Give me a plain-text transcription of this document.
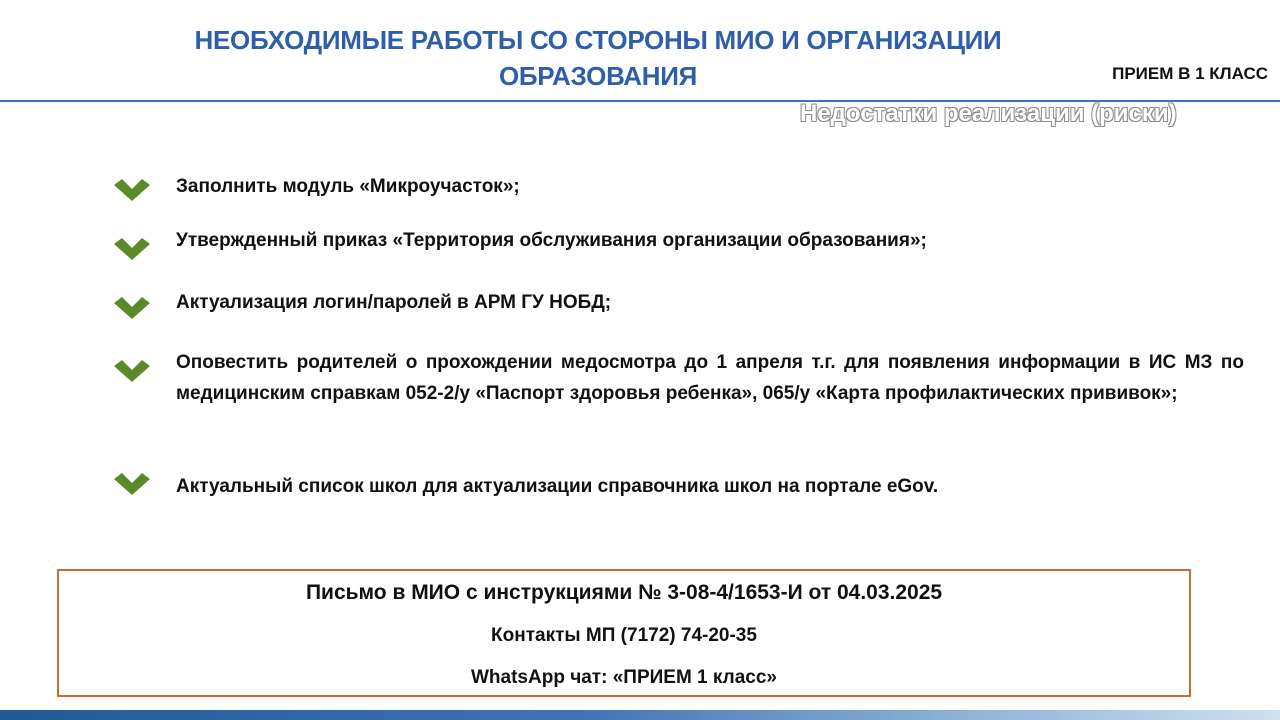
НЕОБХОДИМЫЕ РАБОТЫ СО СТОРОНЫ МИО И ОРГАНИЗАЦИИ ОБРАЗОВАНИЯ	ПРИЕМ В 1 КЛАСС
Недостатки реализации (риски)
Заполнить модуль «Микроучасток»;
Утвержденный приказ «Территория обслуживания организации образования»;
Актуализация логин/паролей в АРМ ГУ НОБД;
Оповестить родителей о прохождении медосмотра до 1 апреля т.г. для появления информации в ИС МЗ по медицинским справкам 052-2/у «Паспорт здоровья ребенка», 065/у «Карта профилактических прививок»;
Актуальный список школ для актуализации справочника школ на портале eGov.
Письмо в МИО с инструкциями № 3-08-4/1653-И от 04.03.2025
Контакты МП (7172) 74-20-35
WhatsApp чат: «ПРИЕМ 1 класс»
